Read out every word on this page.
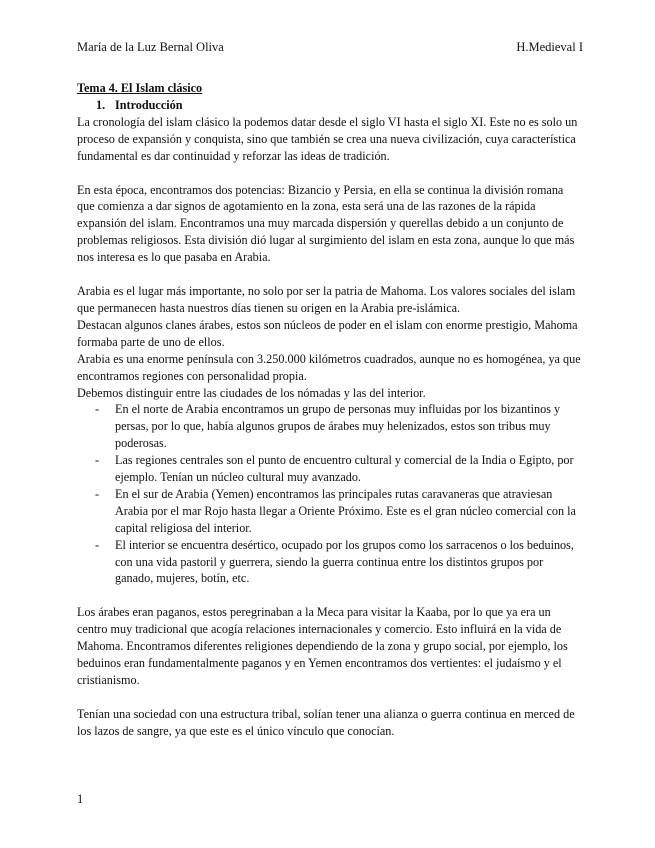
María de la Luz Bernal Oliva	H.Medieval I

Tema 4. El Islam clásico

1. Introducción

La cronología del islam clásico la podemos datar desde el siglo VI hasta el siglo XI. Este no es solo un proceso de expansión y conquista, sino que también se crea una nueva civilización, cuya característica fundamental es dar continuidad y reforzar las ideas de tradición.

En esta época, encontramos dos potencias: Bizancio y Persia, en ella se continua la división romana que comienza a dar signos de agotamiento en la zona, esta será una de las razones de la rápida expansión del islam. Encontramos una muy marcada dispersión y querellas debido a un conjunto de problemas religiosos. Esta división dió lugar al surgimiento del islam en esta zona, aunque lo que más nos interesa es lo que pasaba en Arabia.

Arabia es el lugar más importante, no solo por ser la patria de Mahoma. Los valores sociales del islam que permanecen hasta nuestros días tienen su origen en la Arabia pre-islámica.

Destacan algunos clanes árabes, estos son núcleos de poder en el islam con enorme prestigio, Mahoma formaba parte de uno de ellos.

Arabia es una enorme península con 3.250.000 kilómetros cuadrados, aunque no es homogénea, ya que encontramos regiones con personalidad propia.

Debemos distinguir entre las ciudades de los nómadas y las del interior.

- En el norte de Arabia encontramos un grupo de personas muy influidas por los bizantinos y persas, por lo que, había algunos grupos de árabes muy helenizados, estos son tribus muy poderosas.
- Las regiones centrales son el punto de encuentro cultural y comercial de la India o Egipto, por ejemplo. Tenían un núcleo cultural muy avanzado.
- En el sur de Arabia (Yemen) encontramos las principales rutas caravaneras que atraviesan Arabia por el mar Rojo hasta llegar a Oriente Próximo. Este es el gran núcleo comercial con la capital religiosa del interior.
- El interior se encuentra desértico, ocupado por los grupos como los sarracenos o los beduinos, con una vida pastoril y guerrera, siendo la guerra continua entre los distintos grupos por ganado, mujeres, botín, etc.

Los árabes eran paganos, estos peregrinaban a la Meca para visitar la Kaaba, por lo que ya era un centro muy tradicional que acogía relaciones internacionales y comercio. Esto influirá en la vida de Mahoma. Encontramos diferentes religiones dependiendo de la zona y grupo social, por ejemplo, los beduinos eran fundamentalmente paganos y en Yemen encontramos dos vertientes: el judaísmo y el cristianismo.

Tenían una sociedad con una estructura tribal, solían tener una alianza o guerra continua en merced de los lazos de sangre, ya que este es el único vínculo que conocían.

1
